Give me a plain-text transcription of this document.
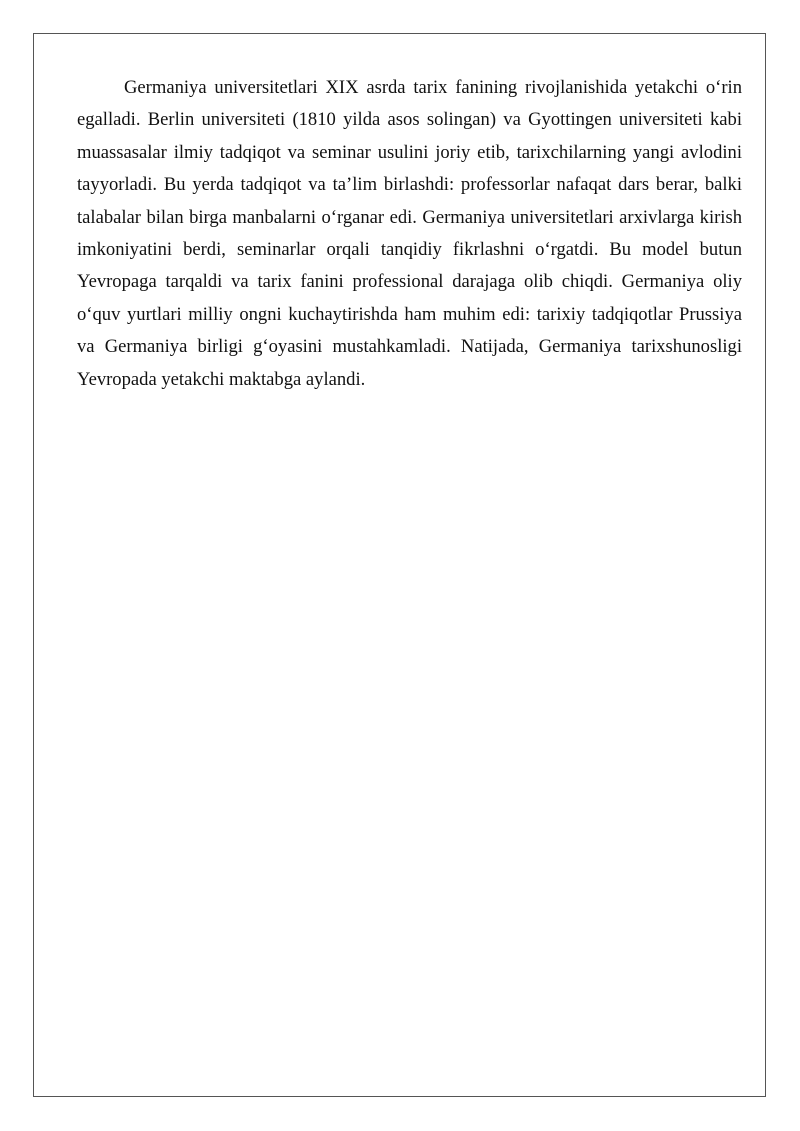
Germaniya universitetlari XIX asrda tarix fanining rivojlanishida yetakchi o‘rin egalladi. Berlin universiteti (1810 yilda asos solingan) va Gyottingen universiteti kabi muassasalar ilmiy tadqiqot va seminar usulini joriy etib, tarixchilarning yangi avlodini tayyorladi. Bu yerda tadqiqot va ta’lim birlashdi: professorlar nafaqat dars berar, balki talabalar bilan birga manbalarni o‘rganar edi. Germaniya universitetlari arxivlarga kirish imkoniyatini berdi, seminarlar orqali tanqidiy fikrlashni o‘rgatdi. Bu model butun Yevropaga tarqaldi va tarix fanini professional darajaga olib chiqdi. Germaniya oliy o‘quv yurtlari milliy ongni kuchaytirishda ham muhim edi: tarixiy tadqiqotlar Prussiya va Germaniya birligi g‘oyasini mustahkamladi. Natijada, Germaniya tarixshunosligi Yevropada yetakchi maktabga aylandi.
